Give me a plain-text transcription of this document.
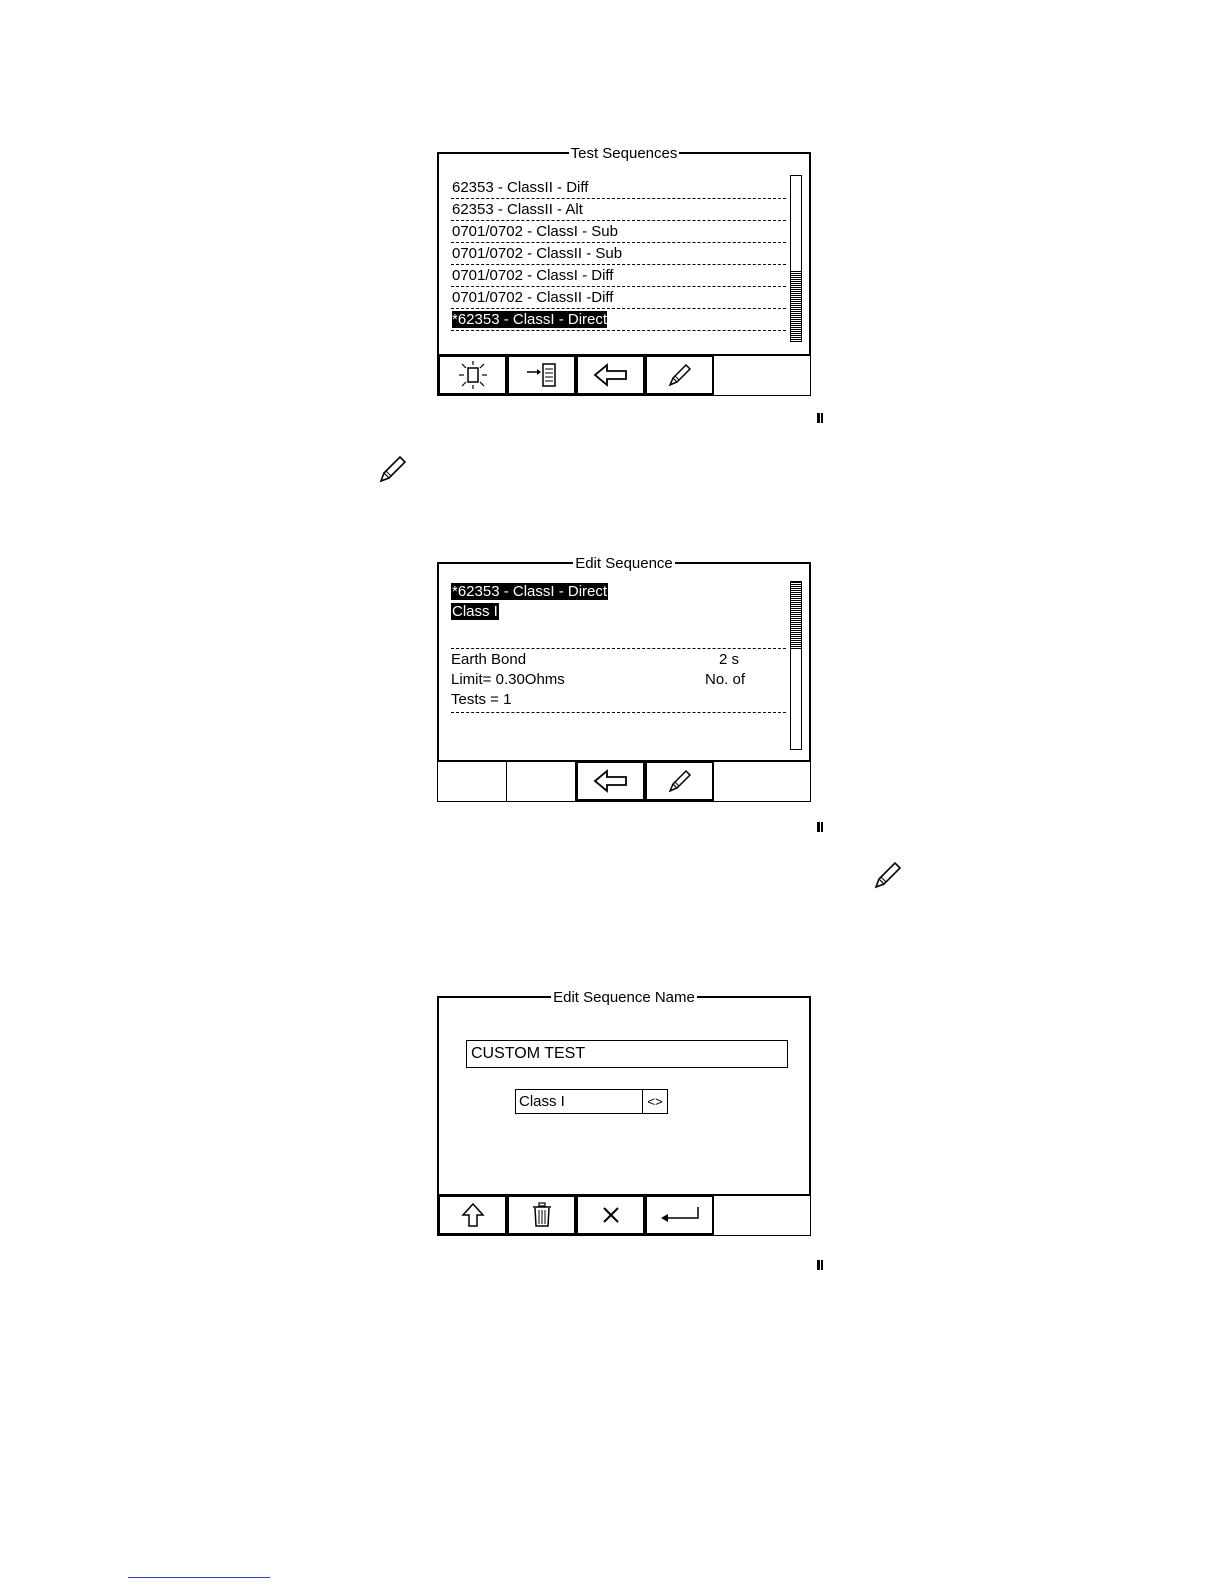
Test Sequences
62353 - ClassII - Diff
62353 - ClassII - Alt
0701/0702 - ClassI - Sub
0701/0702 - ClassII - Sub
0701/0702 - ClassI - Diff
0701/0702 - ClassII -Diff
*62353 - ClassI - Direct
Edit Sequence
*62353 - ClassI - Direct
Class I
Earth Bond	2 s
Limit= 0.30Ohms	No. of
Tests = 1
Edit Sequence Name
CUSTOM TEST
Class I	<>
